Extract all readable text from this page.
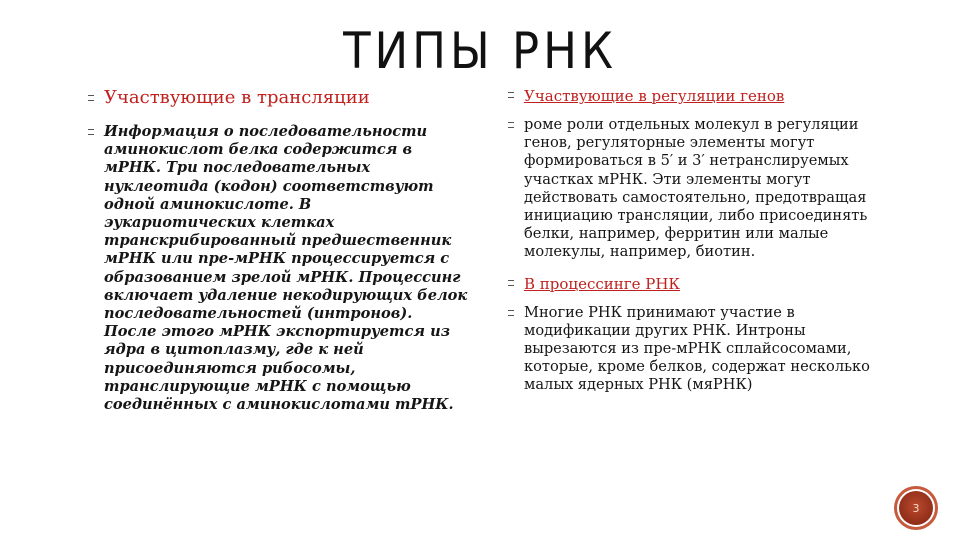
ТИПЫ РНК
Участвующие в трансляции
Информация о последовательности аминокислот белка содержится в мРНК. Три последовательных нуклеотида (кодон) соответствуют одной аминокислоте. В эукариотических клетках транскрибированный предшественник мРНК или пре-мРНК процессируется с образованием зрелой мРНК. Процессинг включает удаление некодирующих белок последовательностей (интронов). После этого мРНК экспортируется из ядра в цитоплазму, где к ней присоединяются рибосомы, транслирующие мРНК с помощью соединённых с аминокислотами тРНК.
Участвующие в регуляции генов
роме роли отдельных молекул в регуляции генов, регуляторные элементы могут формироваться в 5′ и 3′ нетранслируемых участках мРНК. Эти элементы могут действовать самостоятельно, предотвращая инициацию трансляции, либо присоединять белки, например, ферритин или малые молекулы, например, биотин.
В процессинге РНК
Многие РНК принимают участие в модификации других РНК. Интроны вырезаются из пре-мРНК сплайсосомами, которые, кроме белков, содержат несколько малых ядерных РНК (мяРНК)
3
